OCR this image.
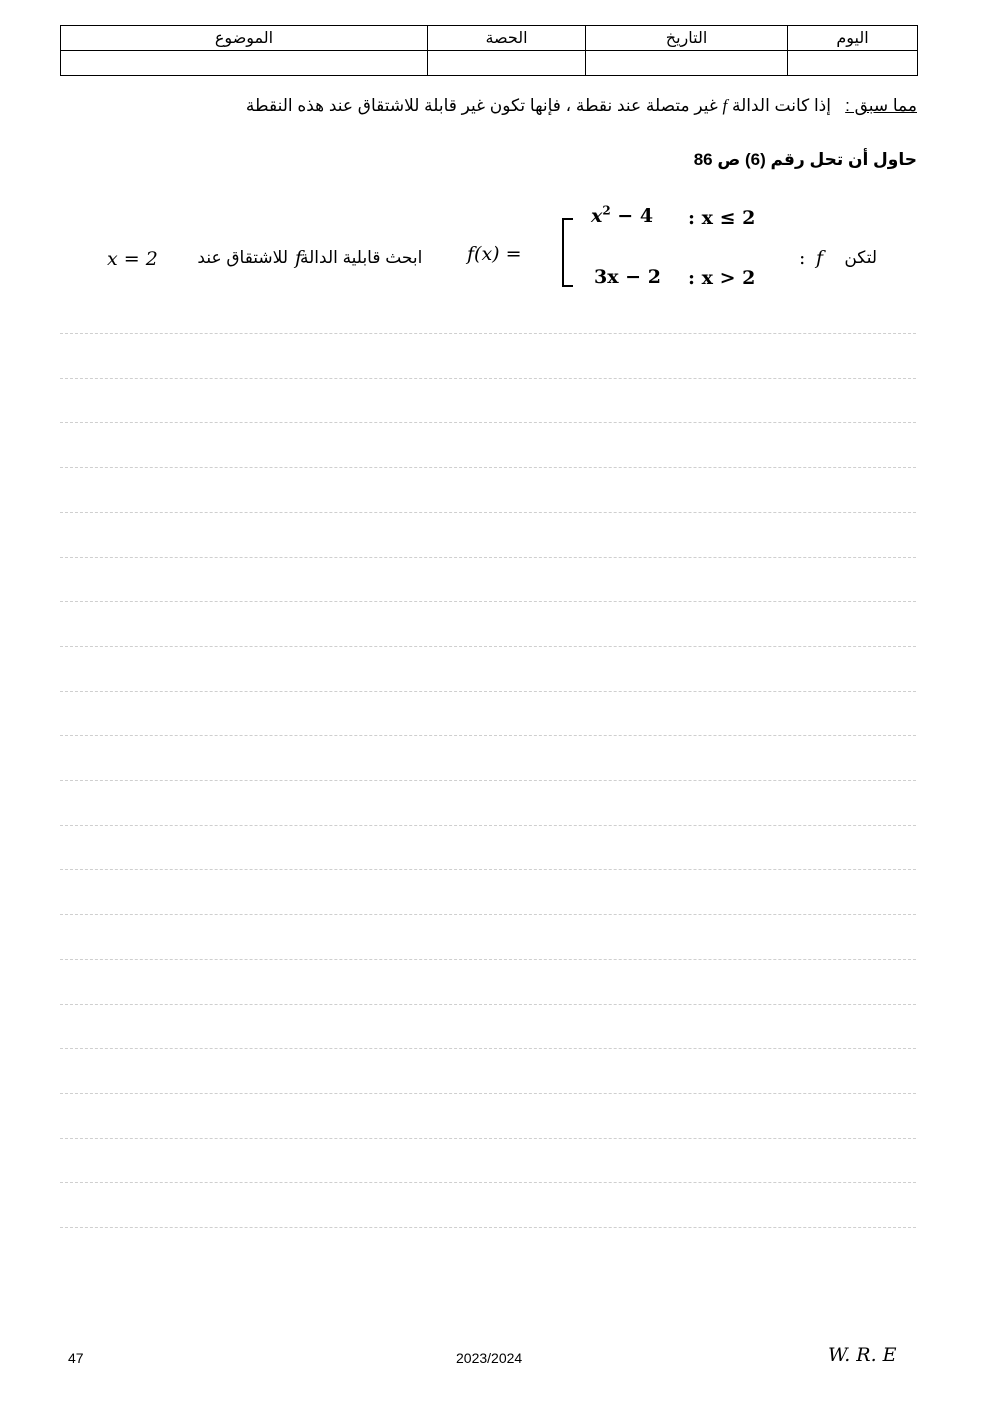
الموضوع	الحصة	التاريخ	اليوم

مما سبق :   إذا كانت الدالة f غير متصلة عند نقطة ، فإنها تكون غير قابلة للاشتقاق عند هذه النقطة
حاول أن تحل رقم (6) ص 86
لتكن
f
:
$x^2 - 4$ : x ≤ 2
3x − 2 : x > 2
f(x) =
ابحث قابلية الدالة
f
للاشتقاق عند
x = 2
47	2023/2024	W. R. E
